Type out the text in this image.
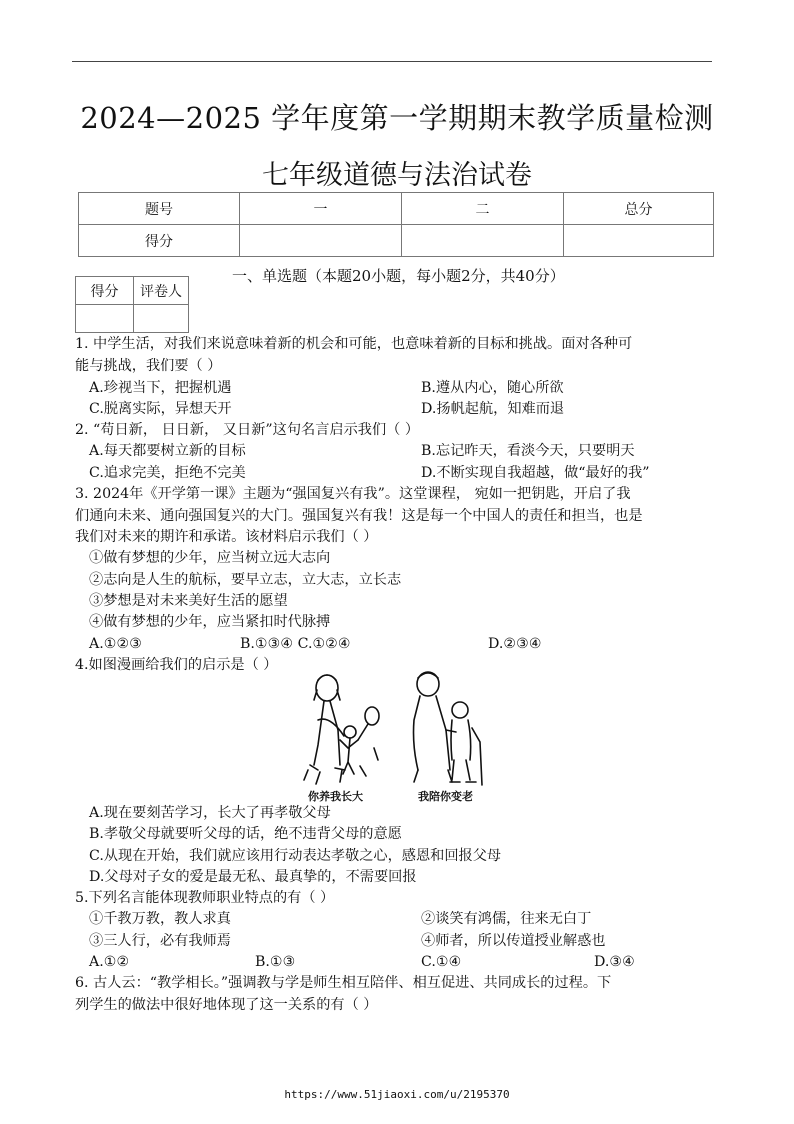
2024—2025 学年度第一学期期末教学质量检测
七年级道德与法治试卷
题号	一	二	总分
得分			
一、单选题（本题20小题，每小题2分，共40分）
得分	评卷人

1. 中学生活，对我们来说意味着新的机会和可能，也意味着新的目标和挑战。面对各种可
能与挑战，我们要（ ）
A.珍视当下，把握机遇	B.遵从内心，随心所欲
C.脱离实际，异想天开	D.扬帆起航，知难而退
2. “苟日新， 日日新， 又日新”这句名言启示我们（ ）
A.每天都要树立新的目标	B.忘记昨天，看淡今天，只要明天
C.追求完美，拒绝不完美	D.不断实现自我超越，做“最好的我”
3. 2024年《开学第一课》主题为“强国复兴有我”。这堂课程， 宛如一把钥匙，开启了我
们通向未来、通向强国复兴的大门。强国复兴有我！这是每一个中国人的责任和担当，也是
我们对未来的期许和承诺。该材料启示我们（ ）
①做有梦想的少年，应当树立远大志向
②志向是人生的航标，要早立志，立大志，立长志
③梦想是对未来美好生活的愿望
④做有梦想的少年，应当紧扣时代脉搏
A.①②③	B.①③④ C.①②④	D.②③④
4.如图漫画给我们的启示是（ ）
你养我长大	我陪你变老
A.现在要刻苦学习，长大了再孝敬父母
B.孝敬父母就要听父母的话，绝不违背父母的意愿
C.从现在开始，我们就应该用行动表达孝敬之心，感恩和回报父母
D.父母对子女的爱是最无私、最真挚的，不需要回报
5.下列名言能体现教师职业特点的有（ ）
①千教万教，教人求真	②谈笑有鸿儒，往来无白丁
③三人行，必有我师焉	④师者，所以传道授业解惑也
A.①②	B.①③	C.①④	D.③④
6. 古人云：“教学相长。”强调教与学是师生相互陪伴、相互促进、共同成长的过程。下
列学生的做法中很好地体现了这一关系的有（ ）
https://www.51jiaoxi.com/u/2195370
